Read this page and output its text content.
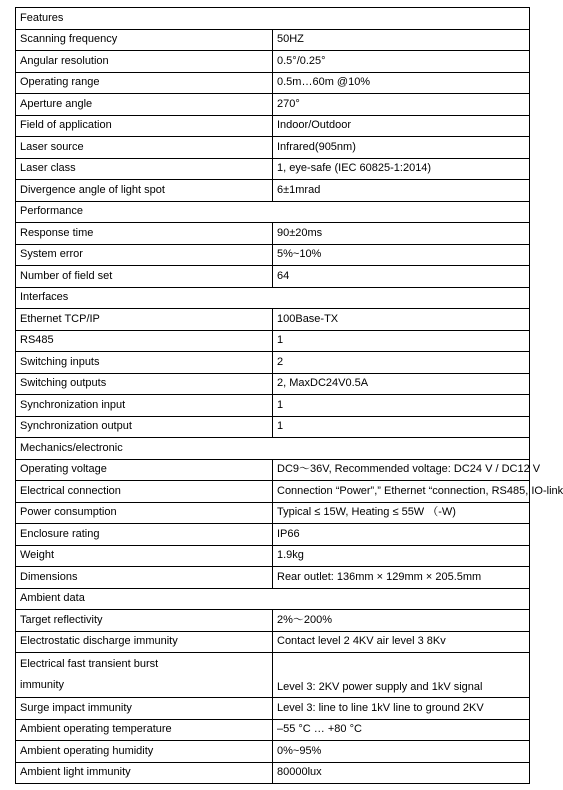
Features	
Scanning frequency	50HZ
Angular resolution	0.5°/0.25°
Operating range	0.5m…60m @10%
Aperture angle	270°
Field of application	Indoor/Outdoor
Laser source	Infrared(905nm)
Laser class	1, eye-safe (IEC 60825-1:2014)
Divergence angle of light spot	6±1mrad
Performance	
Response time	90±20ms
System error	5%~10%
Number of field set	64
Interfaces	
Ethernet TCP/IP	100Base-TX
RS485	1
Switching inputs	2
Switching outputs	2, MaxDC24V0.5A
Synchronization input	1
Synchronization output	1
Mechanics/electronic	
Operating voltage	DC9～36V, Recommended voltage: DC24 V / DC12 V
Electrical connection	Connection “Power”,” Ethernet “connection, RS485, IO-link
Power consumption	Typical ≤ 15W, Heating ≤ 55W （-W)
Enclosure rating	IP66
Weight	1.9kg
Dimensions	Rear outlet: 136mm × 129mm × 205.5mm
Ambient data	
Target reflectivity	2%～200%
Electrostatic discharge immunity	Contact level 2 4KV air level 3 8Kv

Electrical fast transient burst
immunity	Level 3: 2KV power supply and 1kV signal
Surge impact immunity	Level 3: line to line 1kV line to ground 2KV
Ambient operating temperature	–55 °C … +80 °C
Ambient operating humidity	0%~95%
Ambient light immunity	80000lux
